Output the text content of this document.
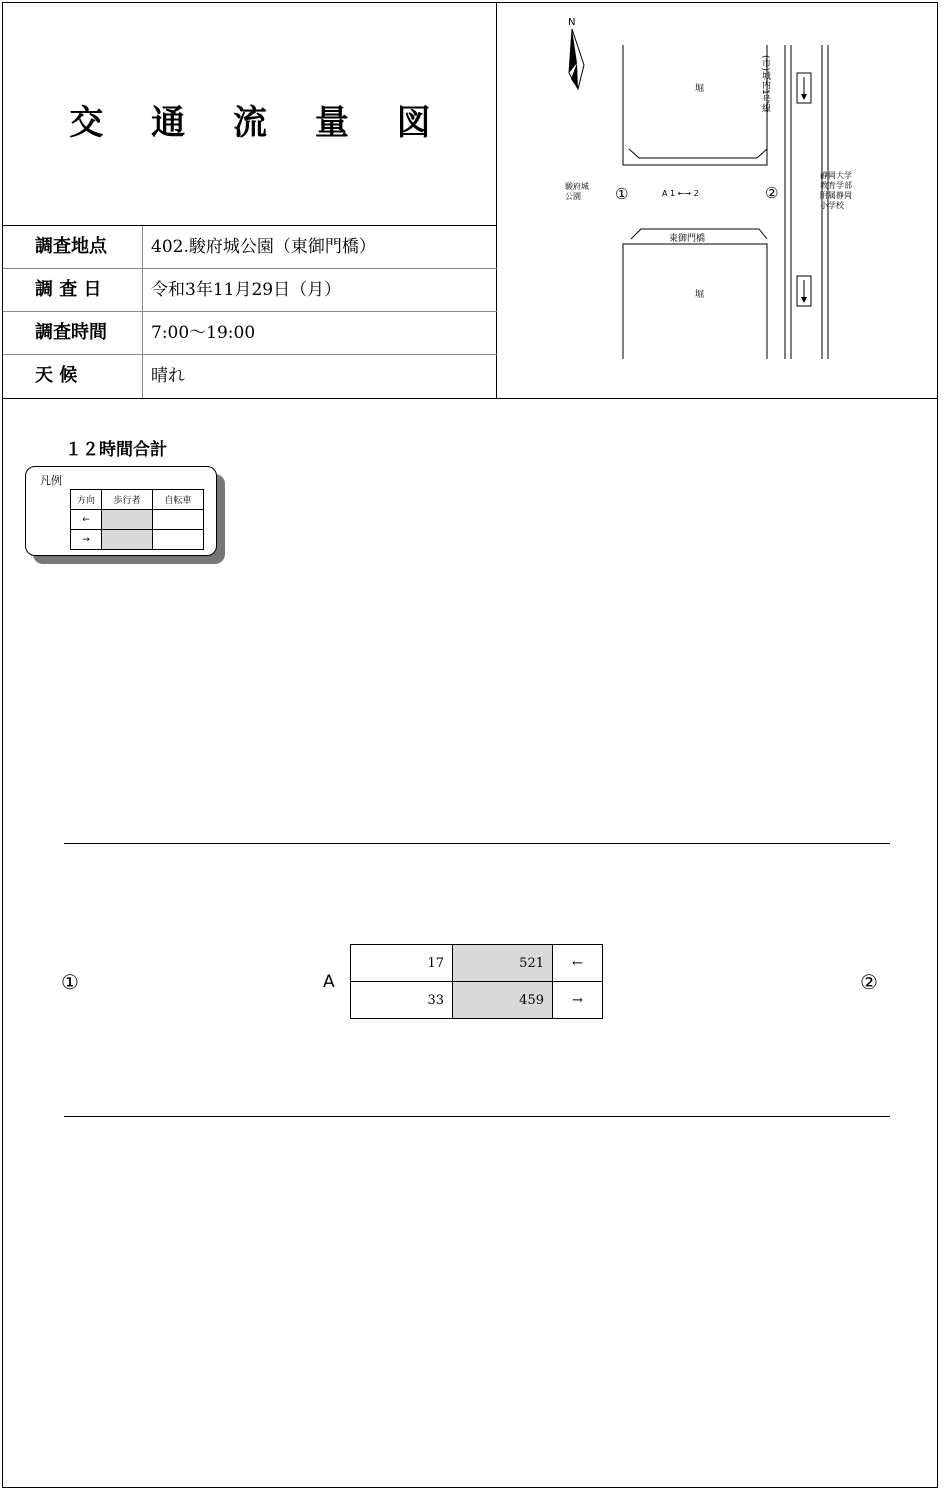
交 通 流 量 図
調査地点	402.駿府城公園（東御門橋）
調 査 日	令和3年11月29日（月）
調査時間	7:00～19:00
天 候	晴れ
N
堀
東御門橋
堀
(市)城内1号線
駿府城
公園 ①	②
A 1 ←→ 2
静岡大学
教育学部
附属静岡
小学校
１２時間合計
凡例
方向	歩行者	自転車
←		
→		
①	②
A
17	521	←
33	459	→
